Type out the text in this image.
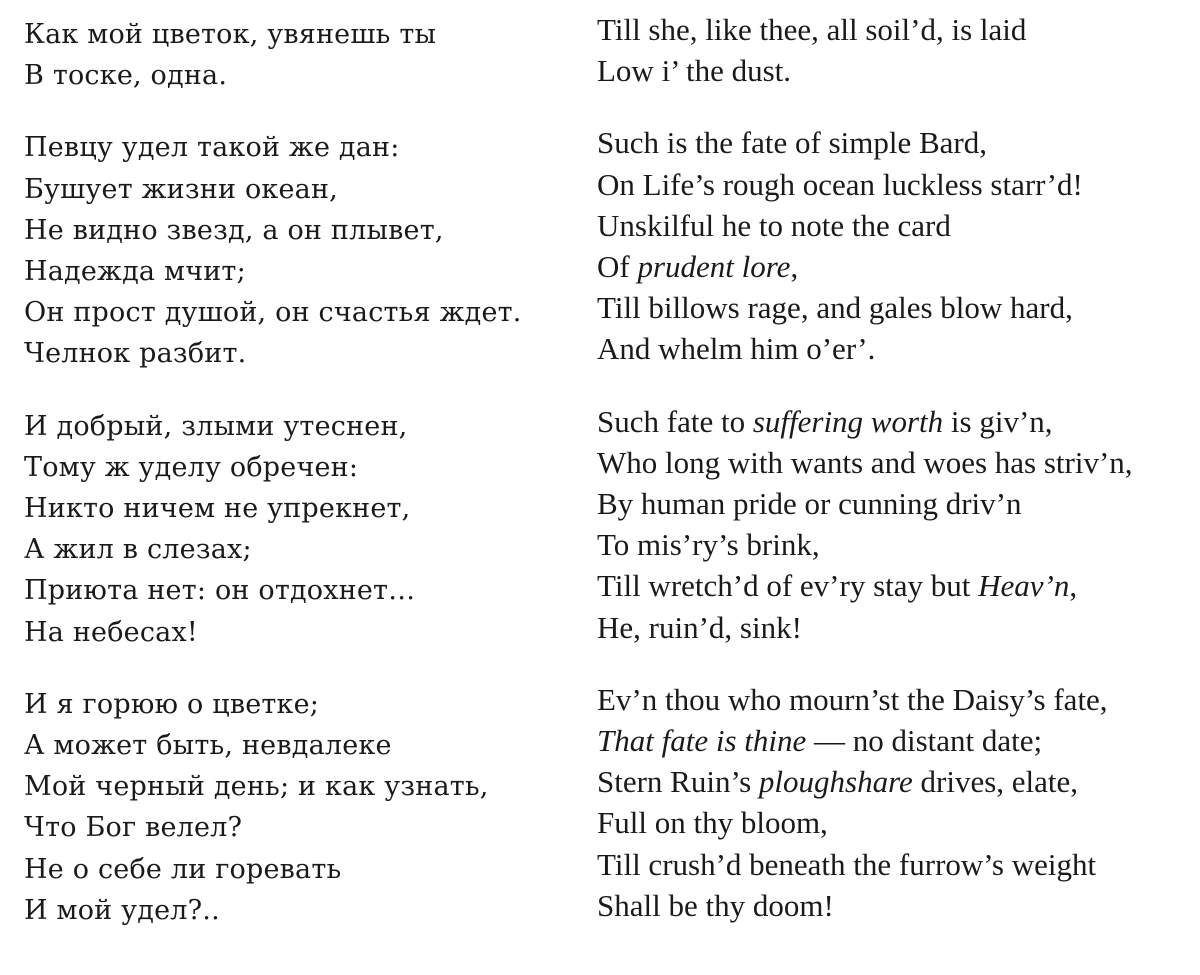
Как мой цветок, увянешь ты
В тоске, одна.
Певцу удел такой же дан:
Бушует жизни океан,
Не видно звезд, а он плывет,
Надежда мчит;
Он прост душой, он счастья ждет.
Челнок разбит.
И добрый, злыми утеснен,
Тому ж уделу обречен:
Никто ничем не упрекнет,
А жил в слезах;
Приюта нет: он отдохнет…
На небесах!
И я горюю о цветке;
А может быть, невдалеке
Мой черный день; и как узнать,
Что Бог велел?
Не о себе ли горевать
И мой удел?..
Till she, like thee, all soil’d, is laid
Low i’ the dust.
Such is the fate of simple Bard,
On Life’s rough ocean luckless starr’d!
Unskilful he to note the card
Of prudent lore,
Till billows rage, and gales blow hard,
And whelm him o’er’.
Such fate to suffering worth is giv’n,
Who long with wants and woes has striv’n,
By human pride or cunning driv’n
To mis’ry’s brink,
Till wretch’d of ev’ry stay but Heav’n,
He, ruin’d, sink!
Ev’n thou who mourn’st the Daisy’s fate,
That fate is thine — no distant date;
Stern Ruin’s ploughshare drives, elate,
Full on thy bloom,
Till crush’d beneath the furrow’s weight
Shall be thy doom!
